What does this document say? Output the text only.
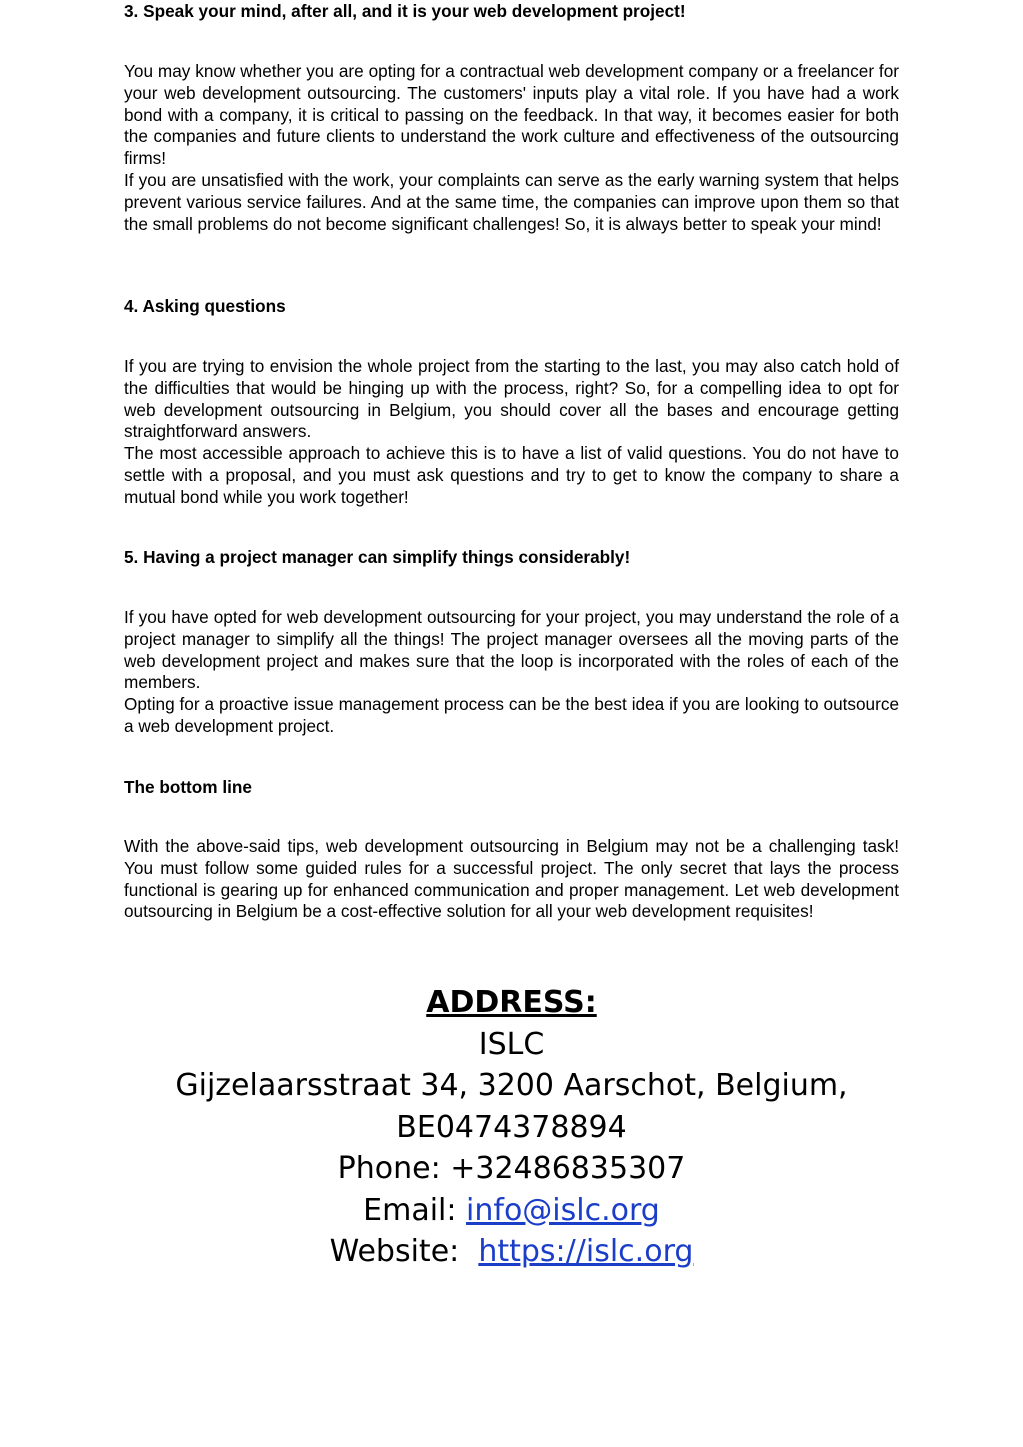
3. Speak your mind, after all, and it is your web development project!

You may know whether you are opting for a contractual web development company or a freelancer for your web development outsourcing. The customers' inputs play a vital role. If you have had a work bond with a company, it is critical to passing on the feedback. In that way, it becomes easier for both the companies and future clients to understand the work culture and effectiveness of the outsourcing firms!

If you are unsatisfied with the work, your complaints can serve as the early warning system that helps prevent various service failures. And at the same time, the companies can improve upon them so that the small problems do not become significant challenges! So, it is always better to speak your mind!

4. Asking questions

If you are trying to envision the whole project from the starting to the last, you may also catch hold of the difficulties that would be hinging up with the process, right? So, for a compelling idea to opt for web development outsourcing in Belgium, you should cover all the bases and encourage getting straightforward answers.

The most accessible approach to achieve this is to have a list of valid questions. You do not have to settle with a proposal, and you must ask questions and try to get to know the company to share a mutual bond while you work together!

5. Having a project manager can simplify things considerably!

If you have opted for web development outsourcing for your project, you may understand the role of a project manager to simplify all the things! The project manager oversees all the moving parts of the web development project and makes sure that the loop is incorporated with the roles of each of the members.

Opting for a proactive issue management process can be the best idea if you are looking to outsource a web development project.

The bottom line

With the above-said tips, web development outsourcing in Belgium may not be a challenging task! You must follow some guided rules for a successful project. The only secret that lays the process functional is gearing up for enhanced communication and proper management. Let web development outsourcing in Belgium be a cost-effective solution for all your web development requisites!

ADDRESS:
ISLC
Gijzelaarsstraat 34, 3200 Aarschot, Belgium,
BE0474378894
Phone: +32486835307
Email: info@islc.org
Website:  https://islc.org
